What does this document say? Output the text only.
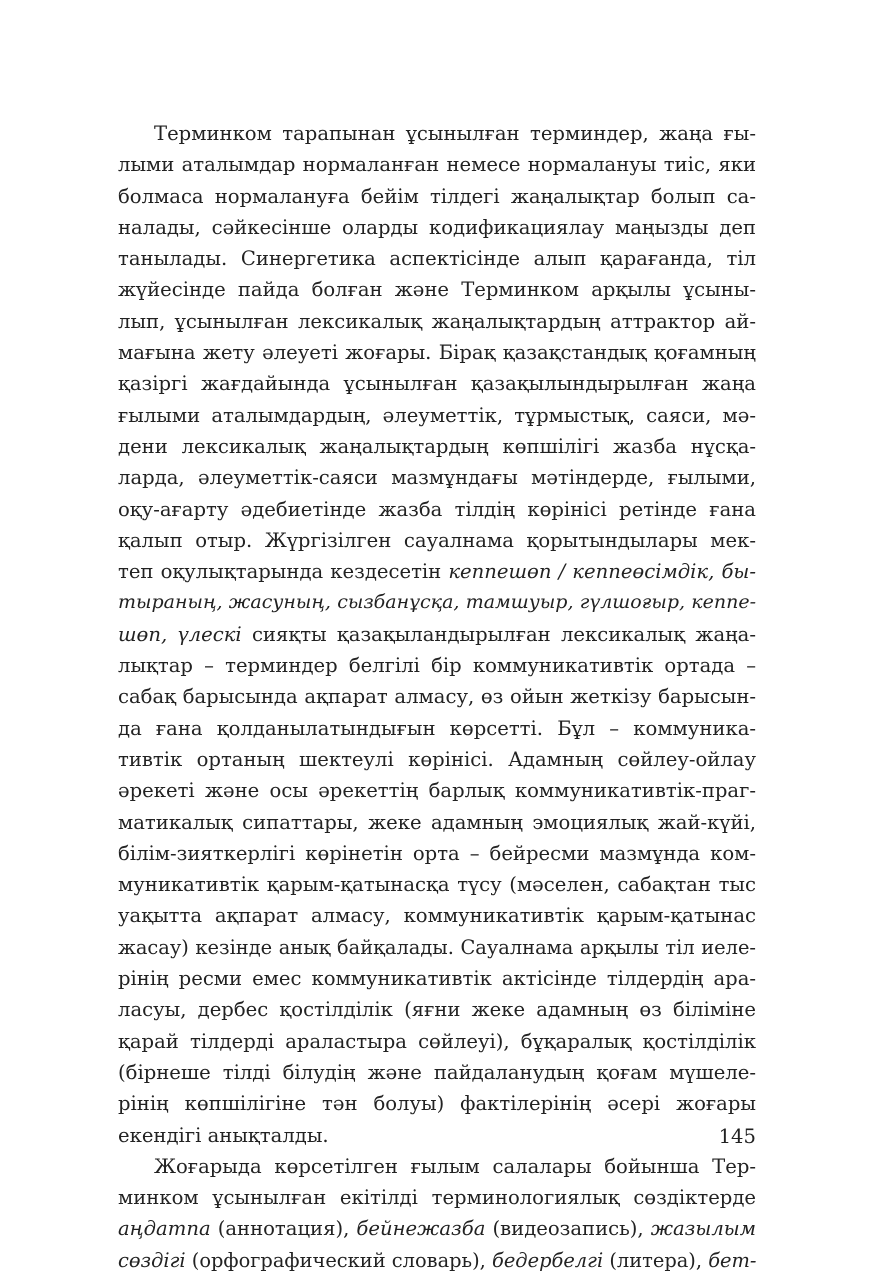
Терминком тарапынан ұсынылған терминдер, жаңа ғы-
лыми аталымдар нормаланған немесе нормалануы тиіс, яки
болмаса нормалануға бейім тілдегі жаңалықтар болып са-
налады, сәйкесінше оларды кодификациялау маңызды деп
танылады. Синергетика аспектісінде алып қарағанда, тіл
жүйесінде пайда болған және Терминком арқылы ұсыны-
лып, ұсынылған лексикалық жаңалықтардың аттрактор ай-
мағына жету әлеуеті жоғары. Бірақ қазақстандық қоғамның
қазіргі жағдайында ұсынылған қазақылындырылған жаңа
ғылыми аталымдардың, әлеуметтік, тұрмыстық, саяси, мә-
дени лексикалық жаңалықтардың көпшілігі жазба нұсқа-
ларда, әлеуметтік-саяси мазмұндағы мәтіндерде, ғылыми,
оқу-ағарту әдебиетінде жазба тілдің көрінісі ретінде ғана
қалып отыр. Жүргізілген сауалнама қорытындылары мек-
теп оқулықтарында кездесетін кеппешөп / кеппеөсімдік, бы-
тыраның, жасуның, сызбанұсқа, тамшуыр, гүлшоғыр, кеппе-
шөп, үлескі сияқты қазақыландырылған лексикалық жаңа-
лықтар – терминдер белгілі бір коммуникативтік ортада –
сабақ барысында ақпарат алмасу, өз ойын жеткізу барысын-
да ғана қолданылатындығын көрсетті. Бұл – коммуника-
тивтік ортаның шектеулі көрінісі. Адамның сөйлеу-ойлау
әрекеті және осы әрекеттің барлық коммуникативтік-праг-
матикалық сипаттары, жеке адамның эмоциялық жай-күйі,
білім-зияткерлігі көрінетін орта – бейресми мазмұнда ком-
муникативтік қарым-қатынасқа түсу (мәселен, сабақтан тыс
уақытта ақпарат алмасу, коммуникативтік қарым-қатынас
жасау) кезінде анық байқалады. Сауалнама арқылы тіл иеле-
рінің ресми емес коммуникативтік актісінде тілдердің ара-
ласуы, дербес қостілділік (яғни жеке адамның өз біліміне
қарай тілдерді араластыра сөйлеуі), бұқаралық қостілділік
(бірнеше тілді білудің және пайдаланудың қоғам мүшеле-
рінің көпшілігіне тән болуы) фактілерінің әсері жоғары
екендігі анықталды.
Жоғарыда көрсетілген ғылым салалары бойынша Тер-
минком ұсынылған екітілді терминологиялық сөздіктерде
аңдатпа (аннотация), бейнежазба (видеозапись), жазылым
сөздігі (орфографический словарь), бедербелгі (литера), бет-
145
